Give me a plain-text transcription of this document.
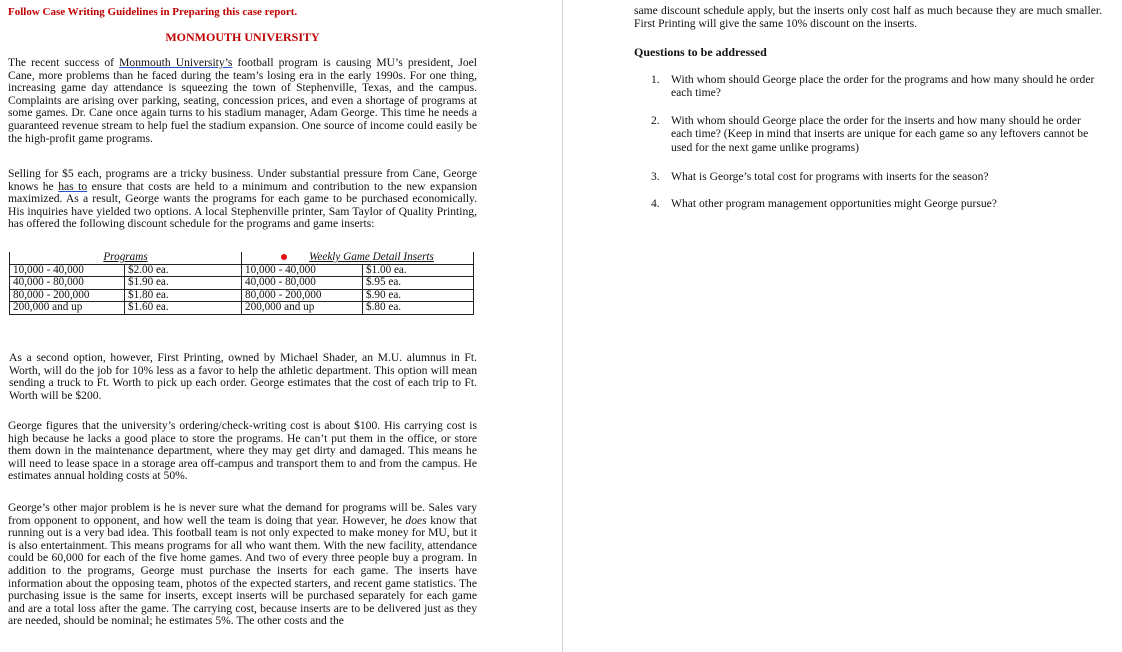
Follow Case Writing Guidelines in Preparing this case report.
MONMOUTH UNIVERSITY

The recent success of Monmouth University’s football program is causing MU’s president, Joel Cane, more problems than he faced during the team’s losing era in the early 1990s. For one thing, increasing game day attendance is squeezing the town of Stephenville, Texas, and the campus. Complaints are arising over parking, seating, concession prices, and even a shortage of programs at some games. Dr. Cane once again turns to his stadium manager, Adam George. This time he needs a guaranteed revenue stream to help fuel the stadium expansion. One source of income could easily be the high-profit game programs.

Selling for $5 each, programs are a tricky business. Under substantial pressure from Cane, George knows he has to ensure that costs are held to a minimum and contribution to the new expansion maximized. As a result, George wants the programs for each game to be purchased economically. His inquiries have yielded two options. A local Stephenville printer, Sam Taylor of Quality Printing, has offered the following discount schedule for the programs and game inserts:

Programs		Weekly Game Detail Inserts	
10,000 - 40,000	$2.00 ea.	10,000 - 40,000	$1.00 ea.
40,000 - 80,000	$1.90 ea.	40,000 - 80,000	$.95 ea.
80,000 - 200,000	$1.80 ea.	80,000 - 200,000	$.90 ea.
200,000 and up	$1.60 ea.	200,000 and up	$.80 ea.

As a second option, however, First Printing, owned by Michael Shader, an M.U. alumnus in Ft. Worth, will do the job for 10% less as a favor to help the athletic department. This option will mean sending a truck to Ft. Worth to pick up each order. George estimates that the cost of each trip to Ft. Worth will be $200.

George figures that the university’s ordering/check-writing cost is about $100. His carrying cost is high because he lacks a good place to store the programs. He can’t put them in the office, or store them down in the maintenance department, where they may get dirty and damaged. This means he will need to lease space in a storage area off-campus and transport them to and from the campus. He estimates annual holding costs at 50%.

George’s other major problem is he is never sure what the demand for programs will be. Sales vary from opponent to opponent, and how well the team is doing that year. However, he does know that running out is a very bad idea. This football team is not only expected to make money for MU, but it is also entertainment. This means programs for all who want them. With the new facility, attendance could be 60,000 for each of the five home games. And two of every three people buy a program. In addition to the programs, George must purchase the inserts for each game. The inserts have information about the opposing team, photos of the expected starters, and recent game statistics. The purchasing issue is the same for inserts, except inserts will be purchased separately for each game and are a total loss after the game. The carrying cost, because inserts are to be delivered just as they are needed, should be nominal; he estimates 5%. The other costs and the

same discount schedule apply, but the inserts only cost half as much because they are much smaller. First Printing will give the same 10% discount on the inserts.

Questions to be addressed
1. With whom should George place the order for the programs and how many should he order each time?
2. With whom should George place the order for the inserts and how many should he order each time? (Keep in mind that inserts are unique for each game so any leftovers cannot be used for the next game unlike programs)
3. What is George’s total cost for programs with inserts for the season?
4. What other program management opportunities might George pursue?
